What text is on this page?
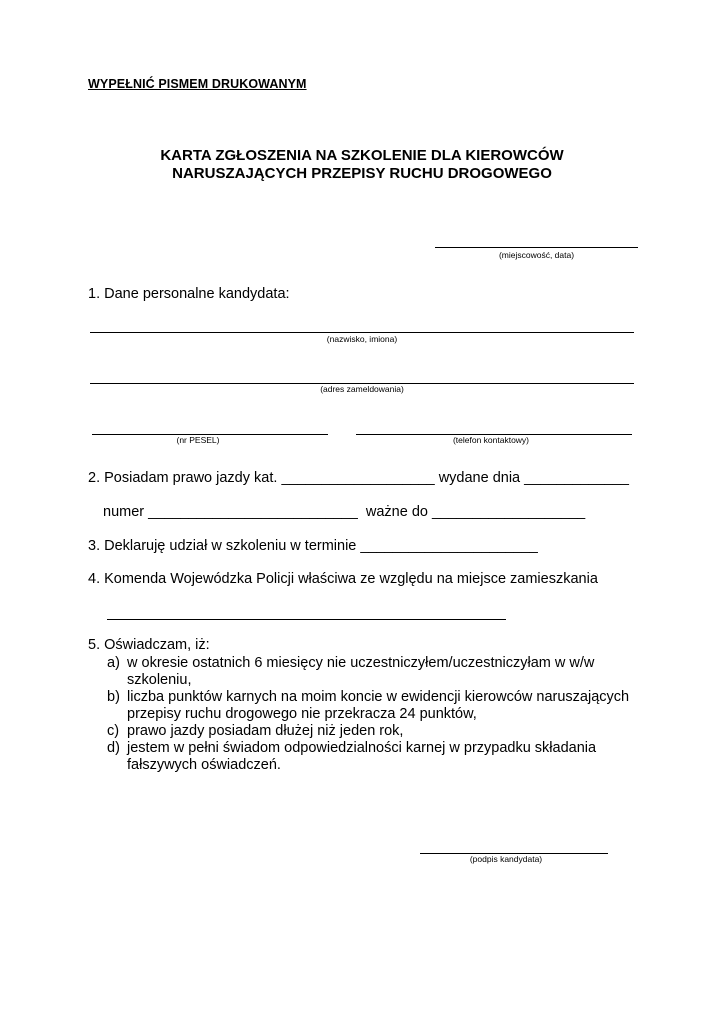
WYPEŁNIĆ PISMEM DRUKOWANYM
KARTA ZGŁOSZENIA NA SZKOLENIE DLA KIEROWCÓW
NARUSZAJĄCYCH PRZEPISY RUCHU DROGOWEGO
(miejscowość, data)
1. Dane personalne kandydata:
(nazwisko, imiona)
(adres zameldowania)
(nr PESEL)	(telefon kontaktowy)
2. Posiadam prawo jazdy kat. ___________________ wydane dnia _____________
numer __________________________ ważne do ___________________
3. Deklaruję udział w szkoleniu w terminie ______________________
4. Komenda Wojewódzka Policji właściwa ze względu na miejsce zamieszkania
5. Oświadczam, iż:
a) w okresie ostatnich 6 miesięcy nie uczestniczyłem/uczestniczyłam w w/w
szkoleniu,
b) liczba punktów karnych na moim koncie w ewidencji kierowców naruszających
przepisy ruchu drogowego nie przekracza 24 punktów,
c) prawo jazdy posiadam dłużej niż jeden rok,
d) jestem w pełni świadom odpowiedzialności karnej w przypadku składania
fałszywych oświadczeń.
(podpis kandydata)
